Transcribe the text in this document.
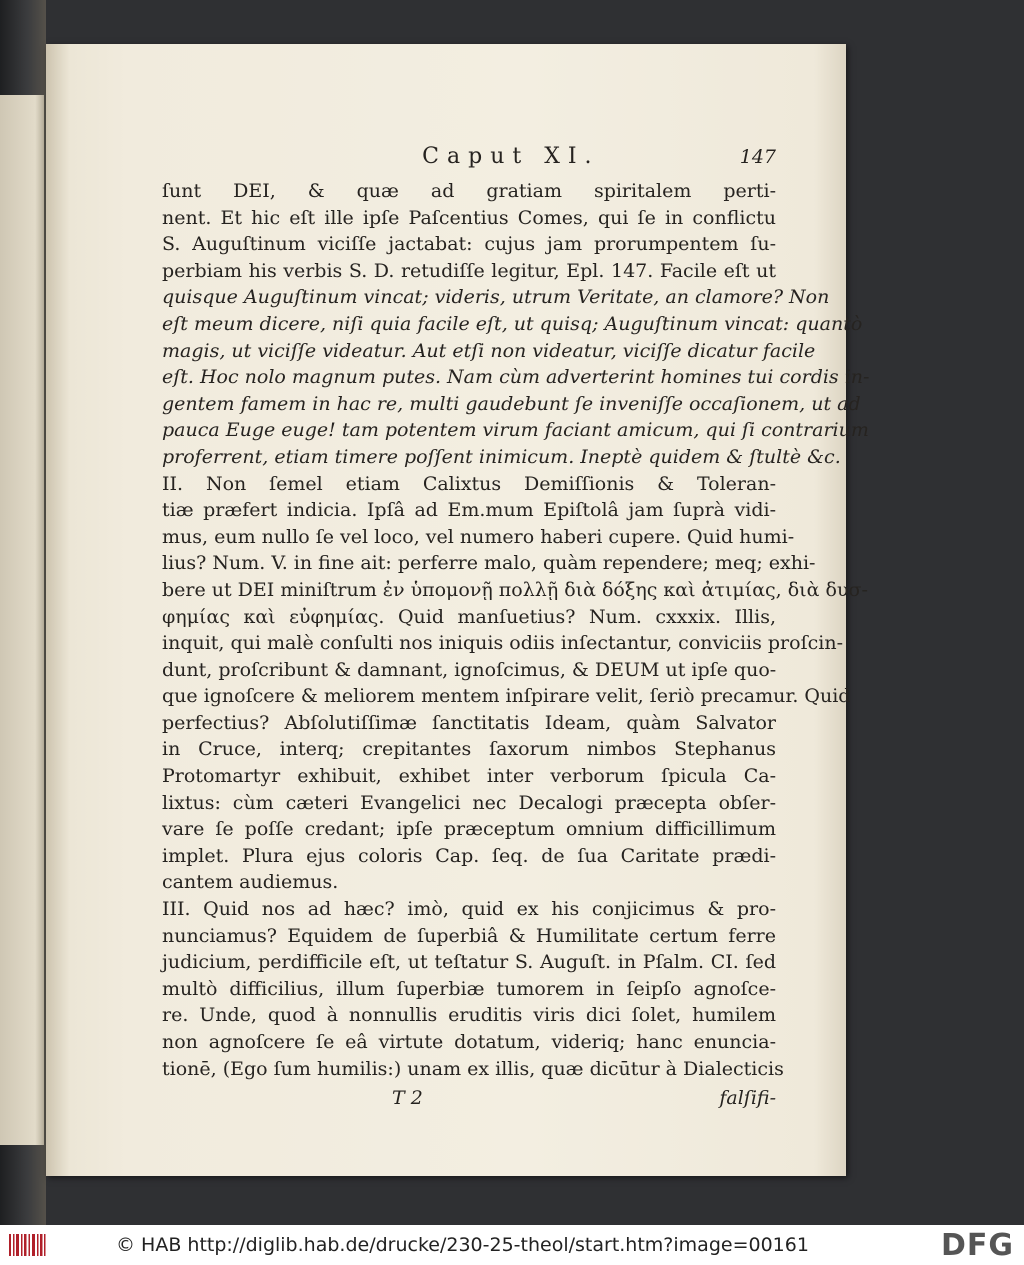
Caput XI.	147
ſunt DEI, & quæ ad gratiam spiritalem perti-
nent. Et hic eſt ille ipſe Paſcentius Comes, qui ſe in conflictu
S. Auguſtinum viciſſe jactabat: cujus jam prorumpentem ſu-
perbiam his verbis S. D. retudiſſe legitur, Epl. 147. Facile eſt ut
quisque Auguſtinum vincat; videris, utrum Veritate, an clamore? Non
eſt meum dicere, niſi quia facile eſt, ut quisq; Auguſtinum vincat: quantò
magis, ut viciſſe videatur. Aut etſi non videatur, viciſſe dicatur facile
eſt. Hoc nolo magnum putes. Nam cùm adverterint homines tui cordis in-
gentem famem in hac re, multi gaudebunt ſe inveniſſe occaſionem, ut ad
pauca Euge euge! tam potentem virum faciant amicum, qui ſi contrarium
proferrent, etiam timere poſſent inimicum. Ineptè quidem & ſtultè &c.
II. Non ſemel etiam Calixtus Demiſſionis & Toleran-
tiæ præfert indicia. Ipſâ ad Em.mum Epiſtolâ jam ſuprà vidi-
mus, eum nullo ſe vel loco, vel numero haberi cupere. Quid humi-
lius? Num. V. in fine ait: perferre malo, quàm rependere; meq; exhi-
bere ut DEI miniſtrum ἐν ὑπομονῇ πολλῇ διὰ δόξης καὶ ἀτιμίας, διὰ δυσ-
φημίας καὶ εὐφημίας. Quid manſuetius? Num. cxxxix. Illis,
inquit, qui malè conſulti nos iniquis odiis inſectantur, conviciis proſcin-
dunt, proſcribunt & damnant, ignoſcimus, & DEUM ut ipſe quo-
que ignoſcere & meliorem mentem inſpirare velit, ſeriò precamur. Quid
perfectius? Abſolutiſſimæ ſanctitatis Ideam, quàm Salvator
in Cruce, interq; crepitantes ſaxorum nimbos Stephanus
Protomartyr exhibuit, exhibet inter verborum ſpicula Ca-
lixtus: cùm cæteri Evangelici nec Decalogi præcepta obſer-
vare ſe poſſe credant; ipſe præceptum omnium difficillimum
implet. Plura ejus coloris Cap. ſeq. de ſua Caritate prædi-
cantem audiemus.
III. Quid nos ad hæc? imò, quid ex his conjicimus & pro-
nunciamus? Equidem de ſuperbiâ & Humilitate certum ferre
judicium, perdifficile eſt, ut teſtatur S. Auguſt. in Pſalm. CI. ſed
multò difficilius, illum ſuperbiæ tumorem in ſeipſo agnoſce-
re. Unde, quod à nonnullis eruditis viris dici ſolet, humilem
non agnoſcere ſe eâ virtute dotatum, videriq; hanc enuncia-
tionē, (Ego ſum humilis:) unam ex illis, quæ dicūtur à Dialecticis
T 2	falſifi-
© HAB http://diglib.hab.de/drucke/230-25-theol/start.htm?image=00161	DFG
